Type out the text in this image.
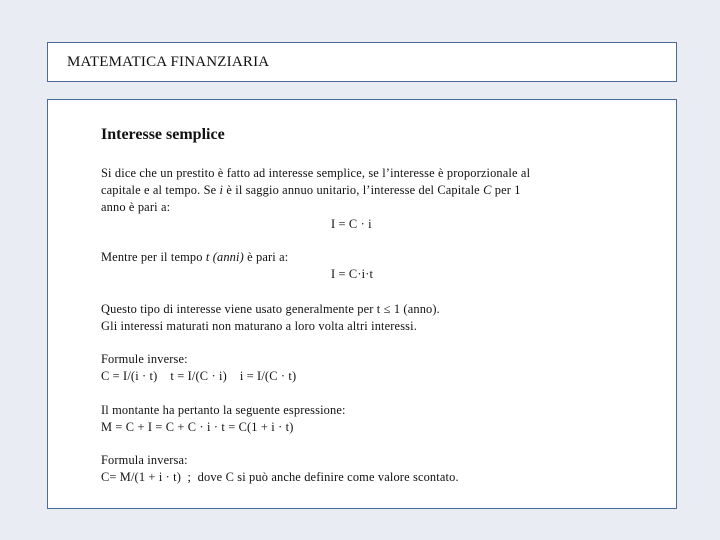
MATEMATICA FINANZIARIA
Interesse semplice
Si dice che un prestito è fatto ad interesse semplice, se l’interesse è proporzionale al
capitale e al tempo. Se i è il saggio annuo unitario, l’interesse del Capitale C per 1
anno è pari a:
I = C · i
Mentre per il tempo t (anni) è pari a:
I = C·i·t
Questo tipo di interesse viene usato generalmente per t ≤ 1 (anno).
Gli interessi maturati non maturano a loro volta altri interessi.
Formule inverse:
C = I/(i · t)    t = I/(C · i)    i = I/(C · t)
Il montante ha pertanto la seguente espressione:
M = C + I = C + C · i · t = C(1 + i · t)
Formula inversa:
C= M/(1 + i · t)  ;  dove C si può anche definire come valore scontato.
